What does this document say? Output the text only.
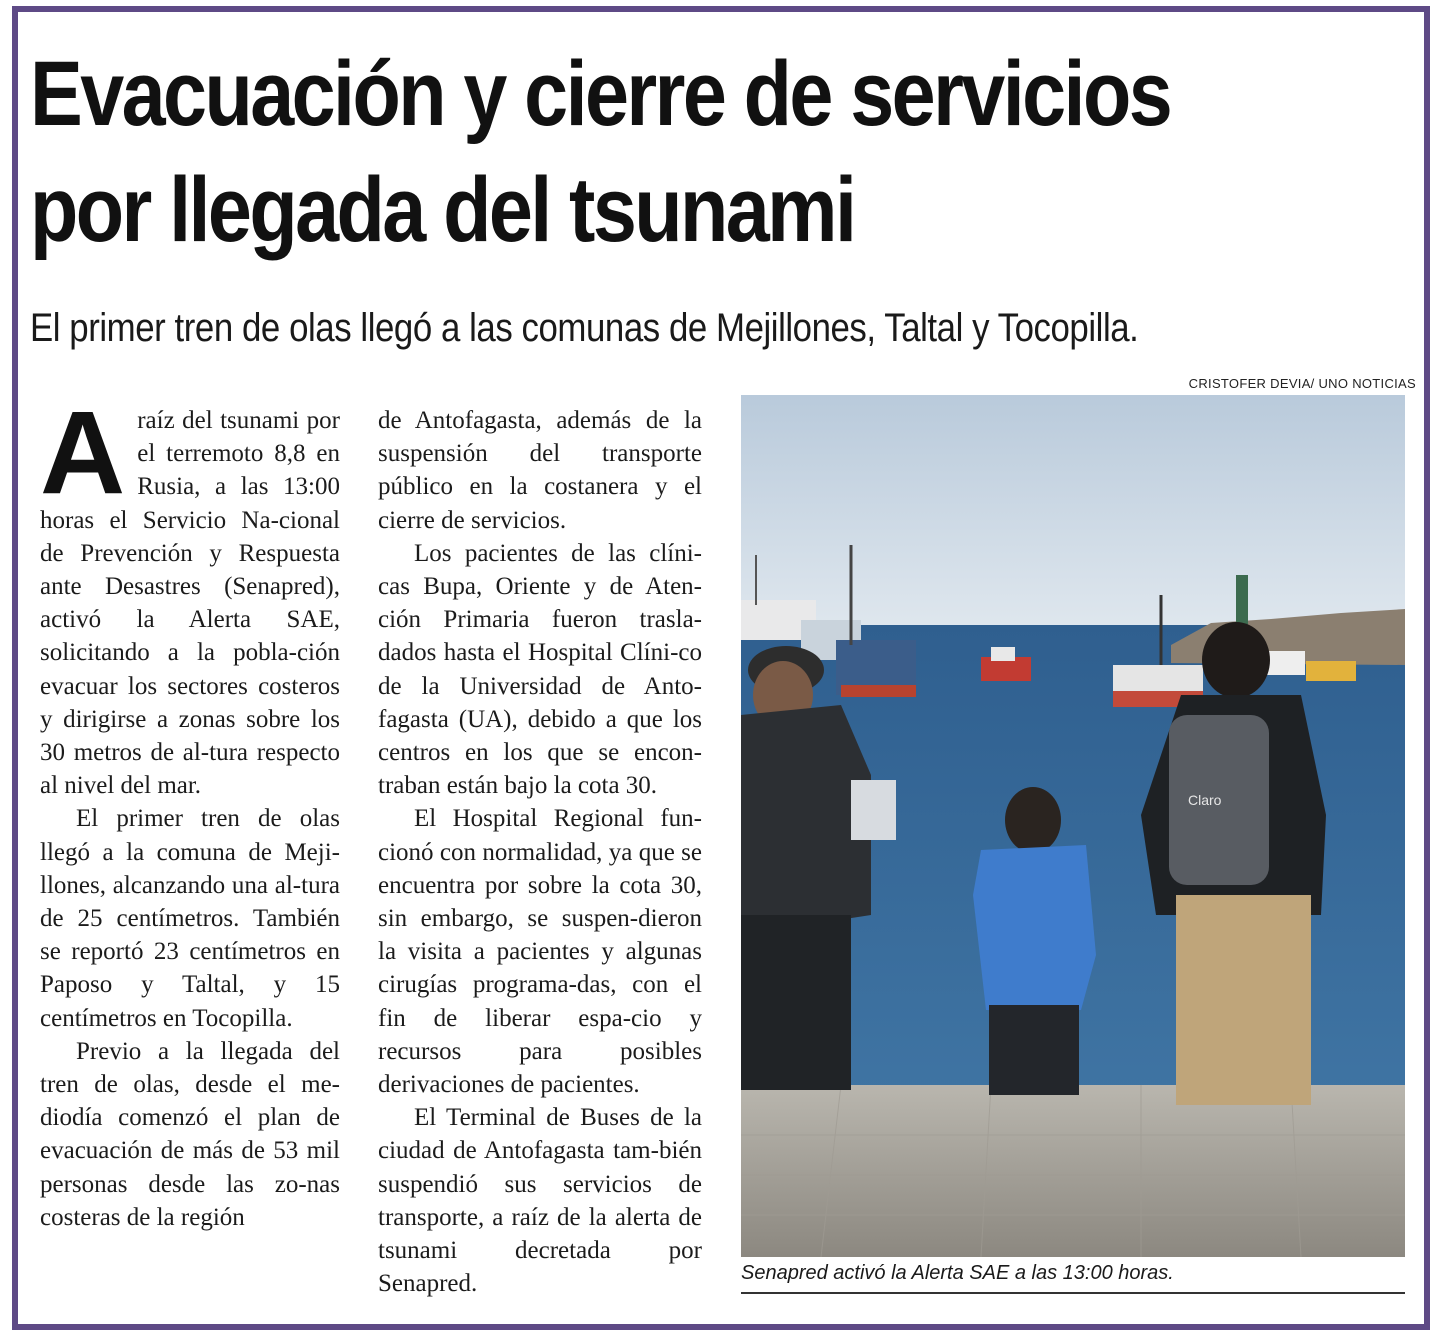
Evacuación y cierre de servicios
por llegada del tsunami
El primer tren de olas llegó a las comunas de Mejillones, Taltal y Tocopilla.
CRISTOFER DEVIA/ UNO NOTICIAS

Araíz del tsunami por el terremoto 8,8 en Rusia, a las 13:00 horas el Servicio Na-cional de Prevención y Respuesta ante Desastres (Senapred), activó la Alerta SAE, solicitando a la pobla-ción evacuar los sectores costeros y dirigirse a zonas sobre los 30 metros de al-tura respecto al nivel del mar.

El primer tren de olas llegó a la comuna de Meji-llones, alcanzando una al-tura de 25 centímetros. También se reportó 23 centímetros en Paposo y Taltal, y 15 centímetros en Tocopilla.

Previo a la llegada del tren de olas, desde el me-diodía comenzó el plan de evacuación de más de 53 mil personas desde las zo-nas costeras de la región

de Antofagasta, además de la suspensión del transporte público en la costanera y el cierre de servicios.

Los pacientes de las clíni-cas Bupa, Oriente y de Aten-ción Primaria fueron trasla-dados hasta el Hospital Clíni-co de la Universidad de Anto-fagasta (UA), debido a que los centros en los que se encon-traban están bajo la cota 30.

El Hospital Regional fun-cionó con normalidad, ya que se encuentra por sobre la cota 30, sin embargo, se suspen-dieron la visita a pacientes y algunas cirugías programa-das, con el fin de liberar espa-cio y recursos para posibles derivaciones de pacientes.

El Terminal de Buses de la ciudad de Antofagasta tam-bién suspendió sus servicios de transporte, a raíz de la alerta de tsunami decretada por Senapred.

Claro
Senapred activó la Alerta SAE a las 13:00 horas.
